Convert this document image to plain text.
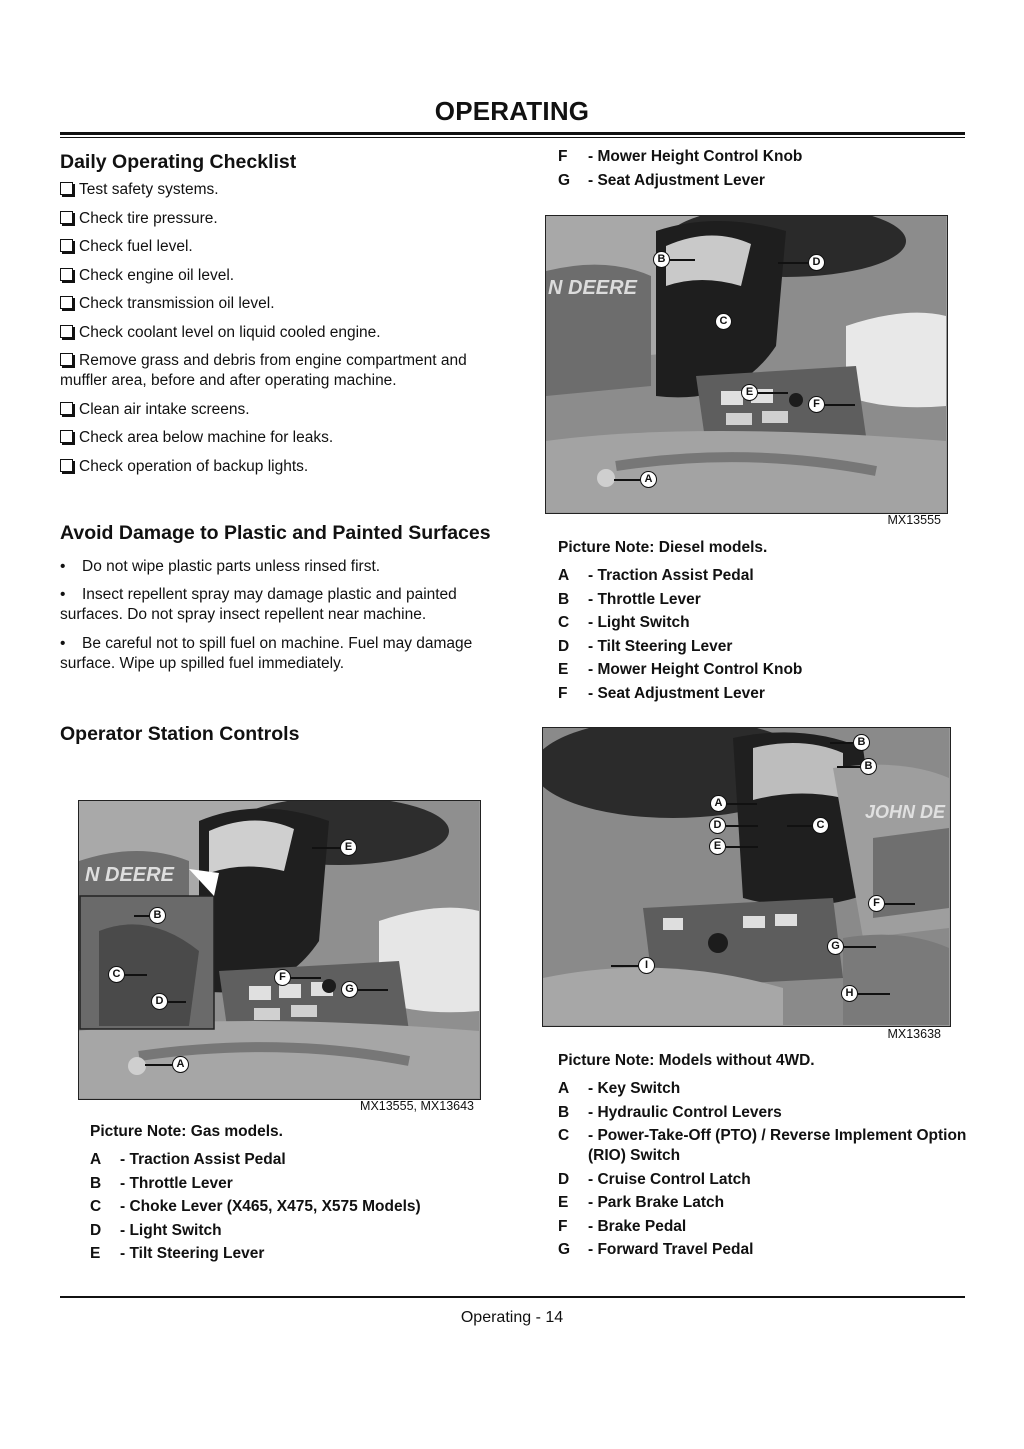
OPERATING
Daily Operating Checklist
Test safety systems.
Check tire pressure.
Check fuel level.
Check engine oil level.
Check transmission oil level.
Check coolant level on liquid cooled engine.
Remove grass and debris from engine compartment and muffler area, before and after operating machine.
Clean air intake screens.
Check area below machine for leaks.
Check operation of backup lights.
Avoid Damage to Plastic and Painted Surfaces
• Do not wipe plastic parts unless rinsed first.
• Insect repellent spray may damage plastic and painted surfaces. Do not spray insect repellent near machine.
• Be careful not to spill fuel on machine. Fuel may damage surface. Wipe up spilled fuel immediately.
Operator Station Controls
N DEERE
E
B
C	F
G
D
A
MX13555, MX13643
Picture Note: Gas models.
A	- Traction Assist Pedal
B	- Throttle Lever
C	- Choke Lever (X465, X475, X575 Models)
D	- Light Switch
E	- Tilt Steering Lever
F	- Mower Height Control Knob
G	- Seat Adjustment Lever
N DEERE
B	D
C
E
F
A
MX13555
Picture Note: Diesel models.
A	- Traction Assist Pedal
B	- Throttle Lever
C	- Light Switch
D	- Tilt Steering Lever
E	- Mower Height Control Knob
F	- Seat Adjustment Lever
JOHN DE
B
B
A
D	C
E
F
G
I
H
MX13638
Picture Note: Models without 4WD.
A	- Key Switch
B	- Hydraulic Control Levers
C	- Power-Take-Off (PTO) / Reverse Implement Option (RIO) Switch
D	- Cruise Control Latch
E	- Park Brake Latch
F	- Brake Pedal
G	- Forward Travel Pedal
Operating - 14
